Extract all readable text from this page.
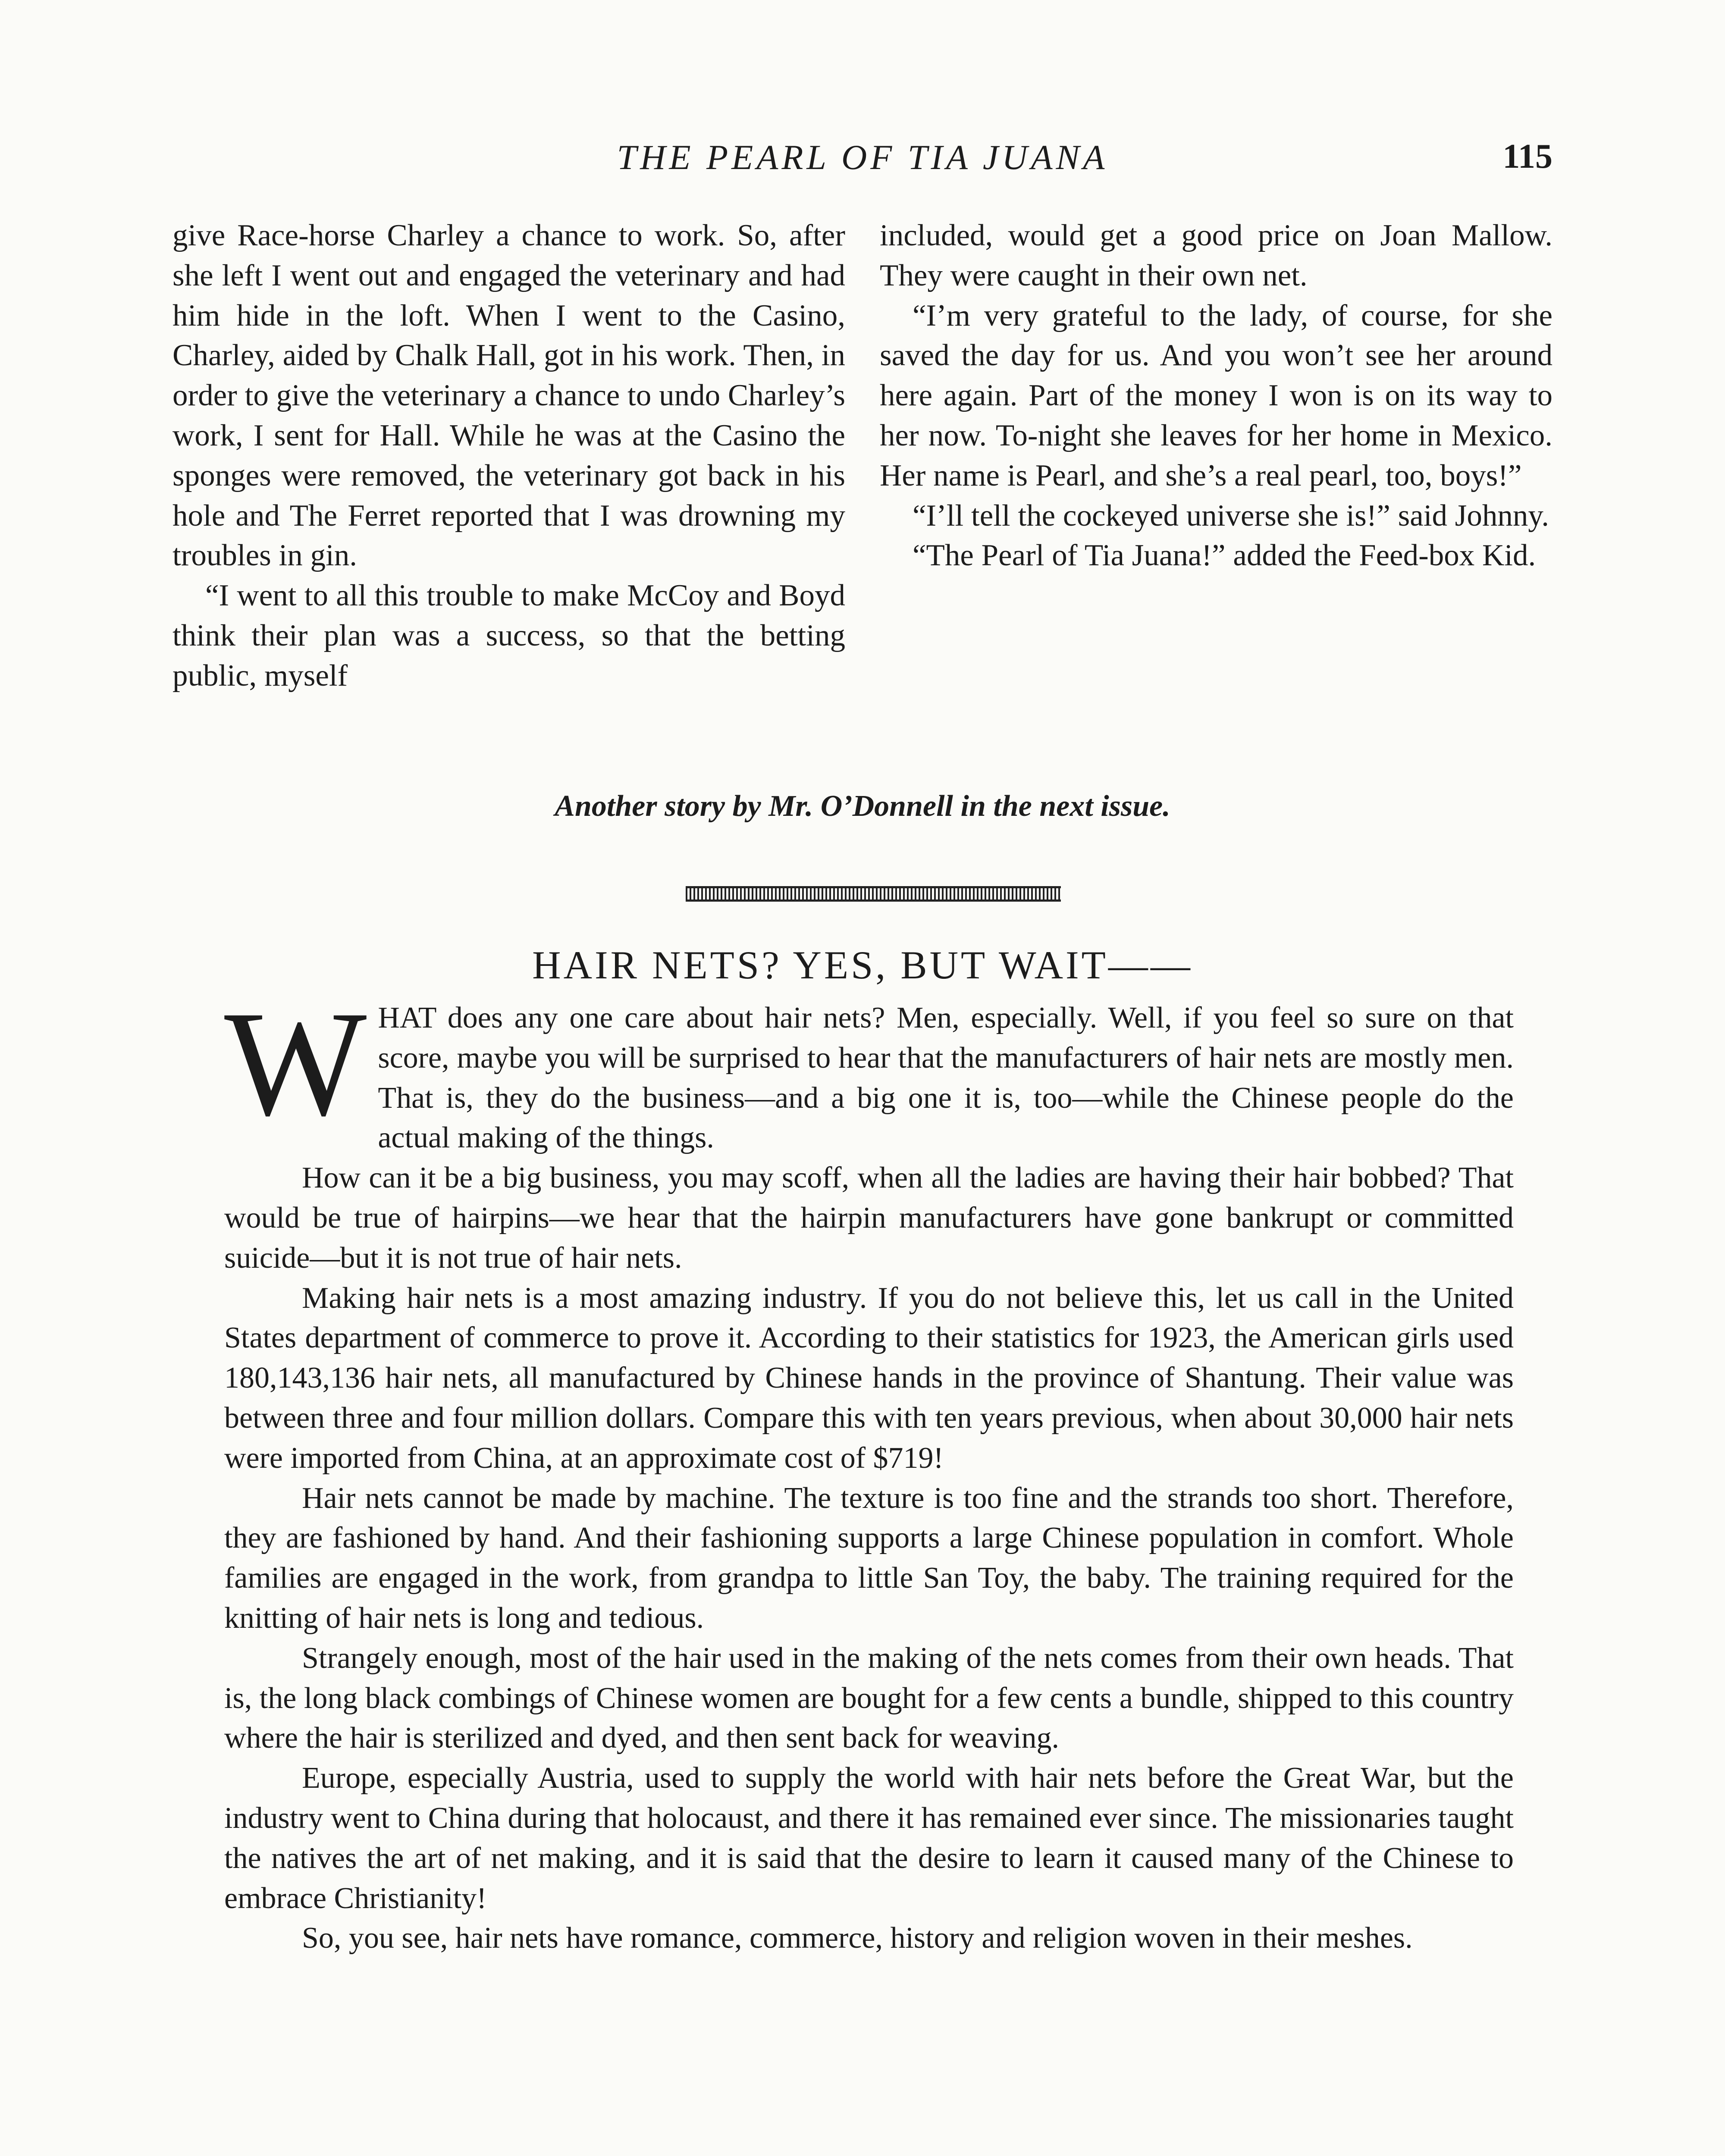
THE PEARL OF TIA JUANA	115

give Race-horse Charley a chance to work. So, after she left I went out and engaged the veterinary and had him hide in the loft. When I went to the Casino, Charley, aided by Chalk Hall, got in his work. Then, in order to give the veterinary a chance to undo Charley’s work, I sent for Hall. While he was at the Casino the sponges were removed, the veterinary got back in his hole and The Ferret reported that I was drowning my troubles in gin.

“I went to all this trouble to make McCoy and Boyd think their plan was a success, so that the betting public, myself

included, would get a good price on Joan Mallow. They were caught in their own net.

“I’m very grateful to the lady, of course, for she saved the day for us. And you won’t see her around here again. Part of the money I won is on its way to her now. To-night she leaves for her home in Mexico. Her name is Pearl, and she’s a real pearl, too, boys!”

“I’ll tell the cockeyed universe she is!” said Johnny.

“The Pearl of Tia Juana!” added the Feed-box Kid.

Another story by Mr. O’Donnell in the next issue.
HAIR NETS? YES, BUT WAIT——

WHAT does any one care about hair nets? Men, especially. Well, if you feel so sure on that score, maybe you will be surprised to hear that the manufacturers of hair nets are mostly men. That is, they do the business—and a big one it is, too—while the Chinese people do the actual making of the things.

How can it be a big business, you may scoff, when all the ladies are having their hair bobbed? That would be true of hairpins—we hear that the hairpin manufacturers have gone bankrupt or committed suicide—but it is not true of hair nets.

Making hair nets is a most amazing industry. If you do not believe this, let us call in the United States department of commerce to prove it. According to their statistics for 1923, the American girls used 180,143,136 hair nets, all manufactured by Chinese hands in the province of Shantung. Their value was between three and four million dollars. Compare this with ten years previous, when about 30,000 hair nets were imported from China, at an approximate cost of $719!

Hair nets cannot be made by machine. The texture is too fine and the strands too short. Therefore, they are fashioned by hand. And their fashioning supports a large Chinese population in comfort. Whole families are engaged in the work, from grandpa to little San Toy, the baby. The training required for the knitting of hair nets is long and tedious.

Strangely enough, most of the hair used in the making of the nets comes from their own heads. That is, the long black combings of Chinese women are bought for a few cents a bundle, shipped to this country where the hair is sterilized and dyed, and then sent back for weaving.

Europe, especially Austria, used to supply the world with hair nets before the Great War, but the industry went to China during that holocaust, and there it has remained ever since. The missionaries taught the natives the art of net making, and it is said that the desire to learn it caused many of the Chinese to embrace Christianity!

So, you see, hair nets have romance, commerce, history and religion woven in their meshes.
